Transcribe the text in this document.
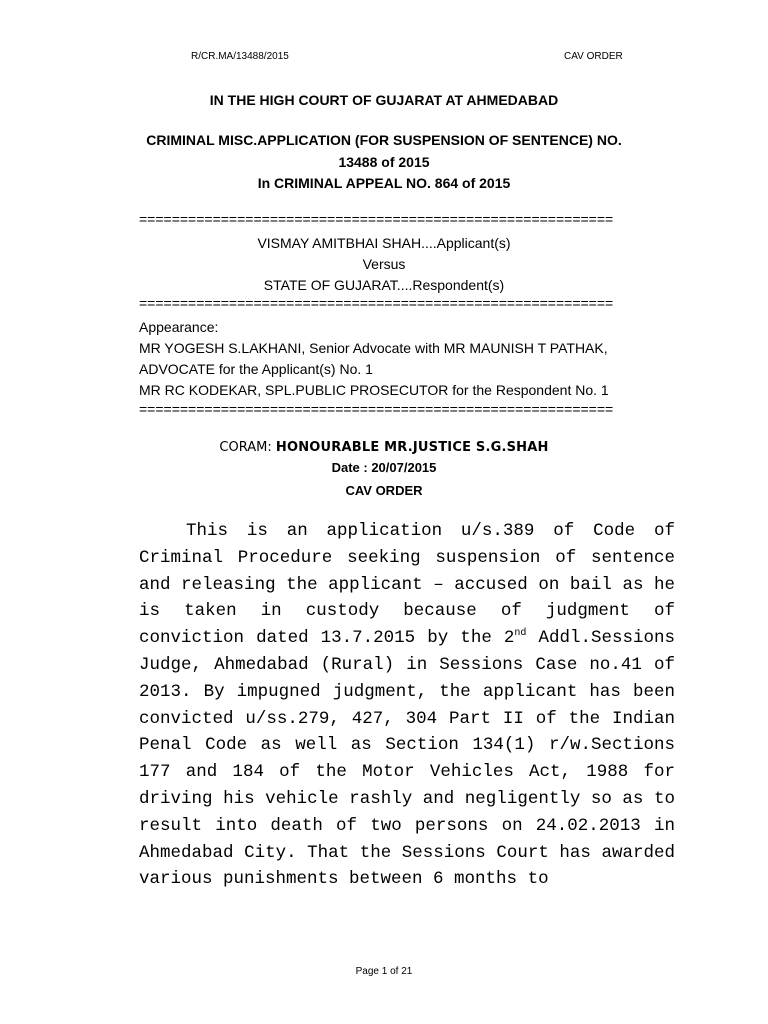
R/CR.MA/13488/2015	CAV ORDER
IN THE HIGH COURT OF GUJARAT AT AHMEDABAD
CRIMINAL MISC.APPLICATION (FOR SUSPENSION OF SENTENCE) NO.
13488 of 2015
In CRIMINAL APPEAL NO. 864 of 2015
==========================================================
VISMAY AMITBHAI SHAH....Applicant(s)
Versus
STATE OF GUJARAT....Respondent(s)
==========================================================
Appearance:
MR YOGESH S.LAKHANI, Senior Advocate with MR MAUNISH T PATHAK, ADVOCATE for the Applicant(s) No. 1
MR RC KODEKAR, SPL.PUBLIC PROSECUTOR for the Respondent No. 1
==========================================================
CORAM: HONOURABLE MR.JUSTICE S.G.SHAH
Date : 20/07/2015
CAV ORDER
This is an application u/s.389 of Code of Criminal Procedure seeking suspension of sentence and releasing the applicant – accused on bail as he is taken in custody because of judgment of conviction dated 13.7.2015 by the 2nd Addl.Sessions Judge, Ahmedabad (Rural) in Sessions Case no.41 of 2013. By impugned judgment, the applicant has been convicted u/ss.279, 427, 304 Part II of the Indian Penal Code as well as Section 134(1) r/w.Sections 177 and 184 of the Motor Vehicles Act, 1988 for driving his vehicle rashly and negligently so as to result into death of two persons on 24.02.2013 in Ahmedabad City. That the Sessions Court has awarded various punishments between 6 months to
Page 1 of 21
